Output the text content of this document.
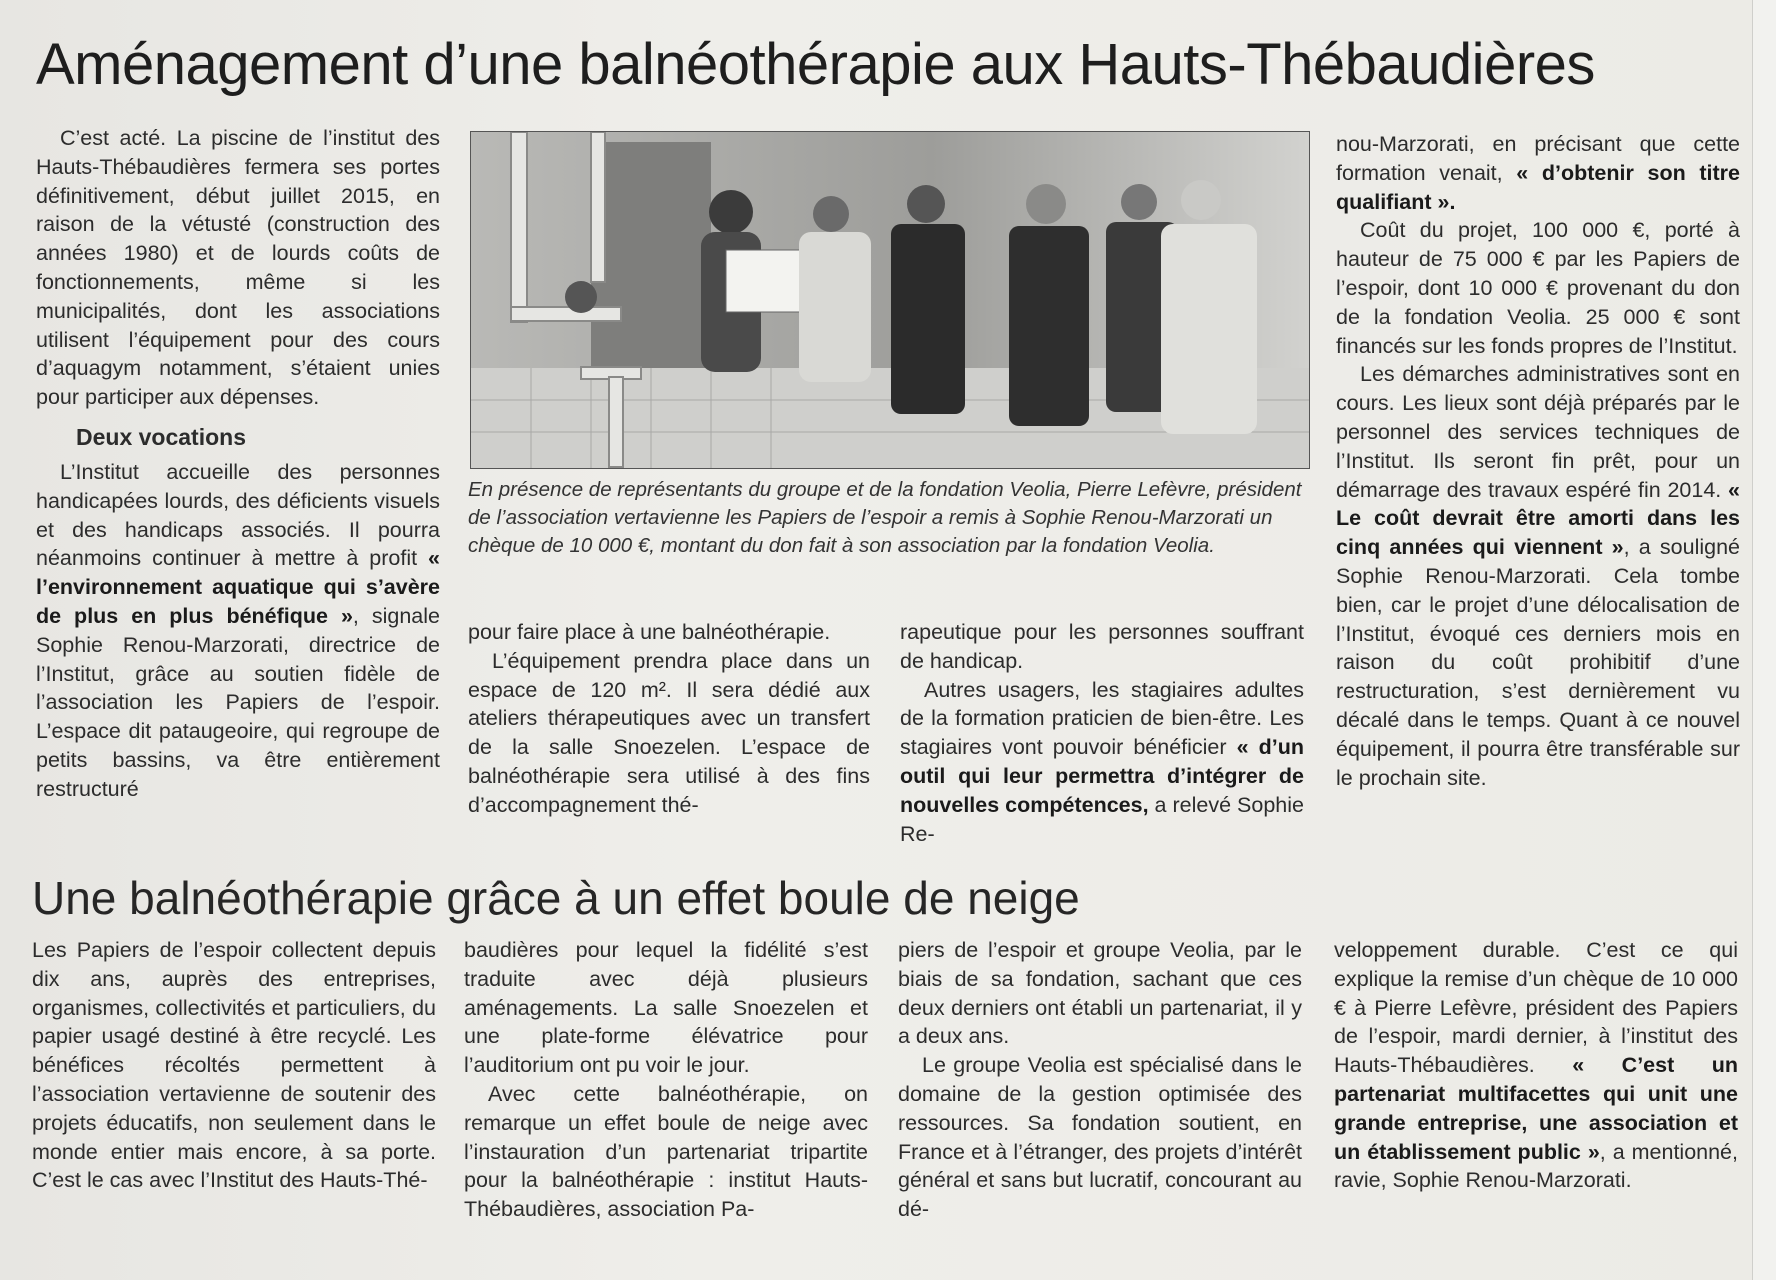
Aménagement d’une balnéothérapie aux Hauts-Thébaudières

C’est acté. La piscine de l’institut des Hauts-Thébaudières fermera ses portes définitivement, début juillet 2015, en raison de la vétusté (construction des années 1980) et de lourds coûts de fonctionnements, même si les municipalités, dont les associations utilisent l’équipement pour des cours d’aquagym notamment, s’étaient unies pour participer aux dépenses.

Deux vocations

L’Institut accueille des personnes handicapées lourds, des déficients visuels et des handicaps associés. Il pourra néanmoins continuer à mettre à profit « l’environnement aquatique qui s’avère de plus en plus bénéfique », signale Sophie Renou-Marzorati, directrice de l’Institut, grâce au soutien fidèle de l’association les Papiers de l’espoir. L’espace dit pataugeoire, qui regroupe de petits bassins, va être entièrement restructuré

En présence de représentants du groupe et de la fondation Veolia, Pierre Lefèvre, président de l’association vertavienne les Papiers de l’espoir a remis à Sophie Renou-Marzorati un chèque de 10 000 €, montant du don fait à son association par la fondation Veolia.

pour faire place à une balnéothérapie.

L’équipement prendra place dans un espace de 120 m². Il sera dédié aux ateliers thérapeutiques avec un transfert de la salle Snoezelen. L’espace de balnéothérapie sera utilisé à des fins d’accompagnement thé-

rapeutique pour les personnes souffrant de handicap.

Autres usagers, les stagiaires adultes de la formation praticien de bien-être. Les stagiaires vont pouvoir bénéficier « d’un outil qui leur permettra d’intégrer de nouvelles compétences, a relevé Sophie Re-

nou-Marzorati, en précisant que cette formation venait, « d’obtenir son titre qualifiant ».

Coût du projet, 100 000 €, porté à hauteur de 75 000 € par les Papiers de l’espoir, dont 10 000 € provenant du don de la fondation Veolia. 25 000 € sont financés sur les fonds propres de l’Institut.

Les démarches administratives sont en cours. Les lieux sont déjà préparés par le personnel des services techniques de l’Institut. Ils seront fin prêt, pour un démarrage des travaux espéré fin 2014. « Le coût devrait être amorti dans les cinq années qui viennent », a souligné Sophie Renou-Marzorati. Cela tombe bien, car le projet d’une délocalisation de l’Institut, évoqué ces derniers mois en raison du coût prohibitif d’une restructuration, s’est dernièrement vu décalé dans le temps. Quant à ce nouvel équipement, il pourra être transférable sur le prochain site.

Une balnéothérapie grâce à un effet boule de neige

Les Papiers de l’espoir collectent depuis dix ans, auprès des entreprises, organismes, collectivités et particuliers, du papier usagé destiné à être recyclé. Les bénéfices récoltés permettent à l’association vertavienne de soutenir des projets éducatifs, non seulement dans le monde entier mais encore, à sa porte. C’est le cas avec l’Institut des Hauts-Thé-

baudières pour lequel la fidélité s’est traduite avec déjà plusieurs aménagements. La salle Snoezelen et une plate-forme élévatrice pour l’auditorium ont pu voir le jour.

Avec cette balnéothérapie, on remarque un effet boule de neige avec l’instauration d’un partenariat tripartite pour la balnéothérapie : institut Hauts-Thébaudières, association Pa-

piers de l’espoir et groupe Veolia, par le biais de sa fondation, sachant que ces deux derniers ont établi un partenariat, il y a deux ans.

Le groupe Veolia est spécialisé dans le domaine de la gestion optimisée des ressources. Sa fondation soutient, en France et à l’étranger, des projets d’intérêt général et sans but lucratif, concourant au dé-

veloppement durable. C’est ce qui explique la remise d’un chèque de 10 000 € à Pierre Lefèvre, président des Papiers de l’espoir, mardi dernier, à l’institut des Hauts-Thébaudières. « C’est un partenariat multifacettes qui unit une grande entreprise, une association et un établissement public », a mentionné, ravie, Sophie Renou-Marzorati.
